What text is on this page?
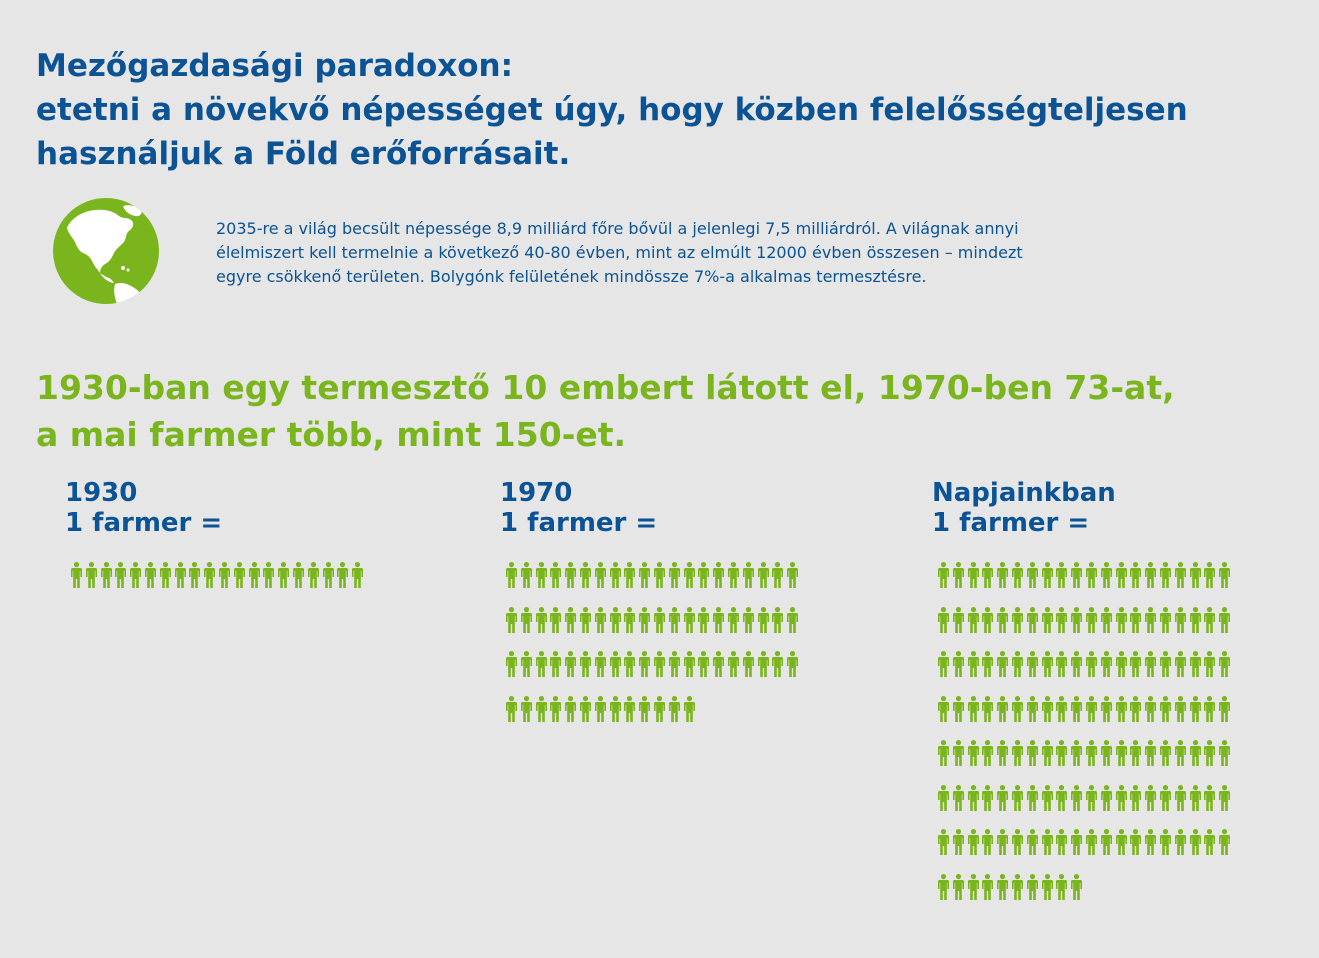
Mezőgazdasági paradoxon:
etetni a növekvő népességet úgy, hogy közben felelősségteljesen
használjuk a Föld erőforrásait.

2035-re a világ becsült népessége 8,9 milliárd főre bővül a jelenlegi 7,5 milliárdról. A világnak annyi
élelmiszert kell termelnie a következő 40-80 évben, mint az elmúlt 12000 évben összesen – mindezt
egyre csökkenő területen. Bolygónk felületének mindössze 7%-a alkalmas termesztésre.

1930-ban egy termesztő 10 embert látott el, 1970-ben 73-at,
a mai farmer több, mint 150-et.

1930
1 farmer =

1970
1 farmer =

Napjainkban
1 farmer =
